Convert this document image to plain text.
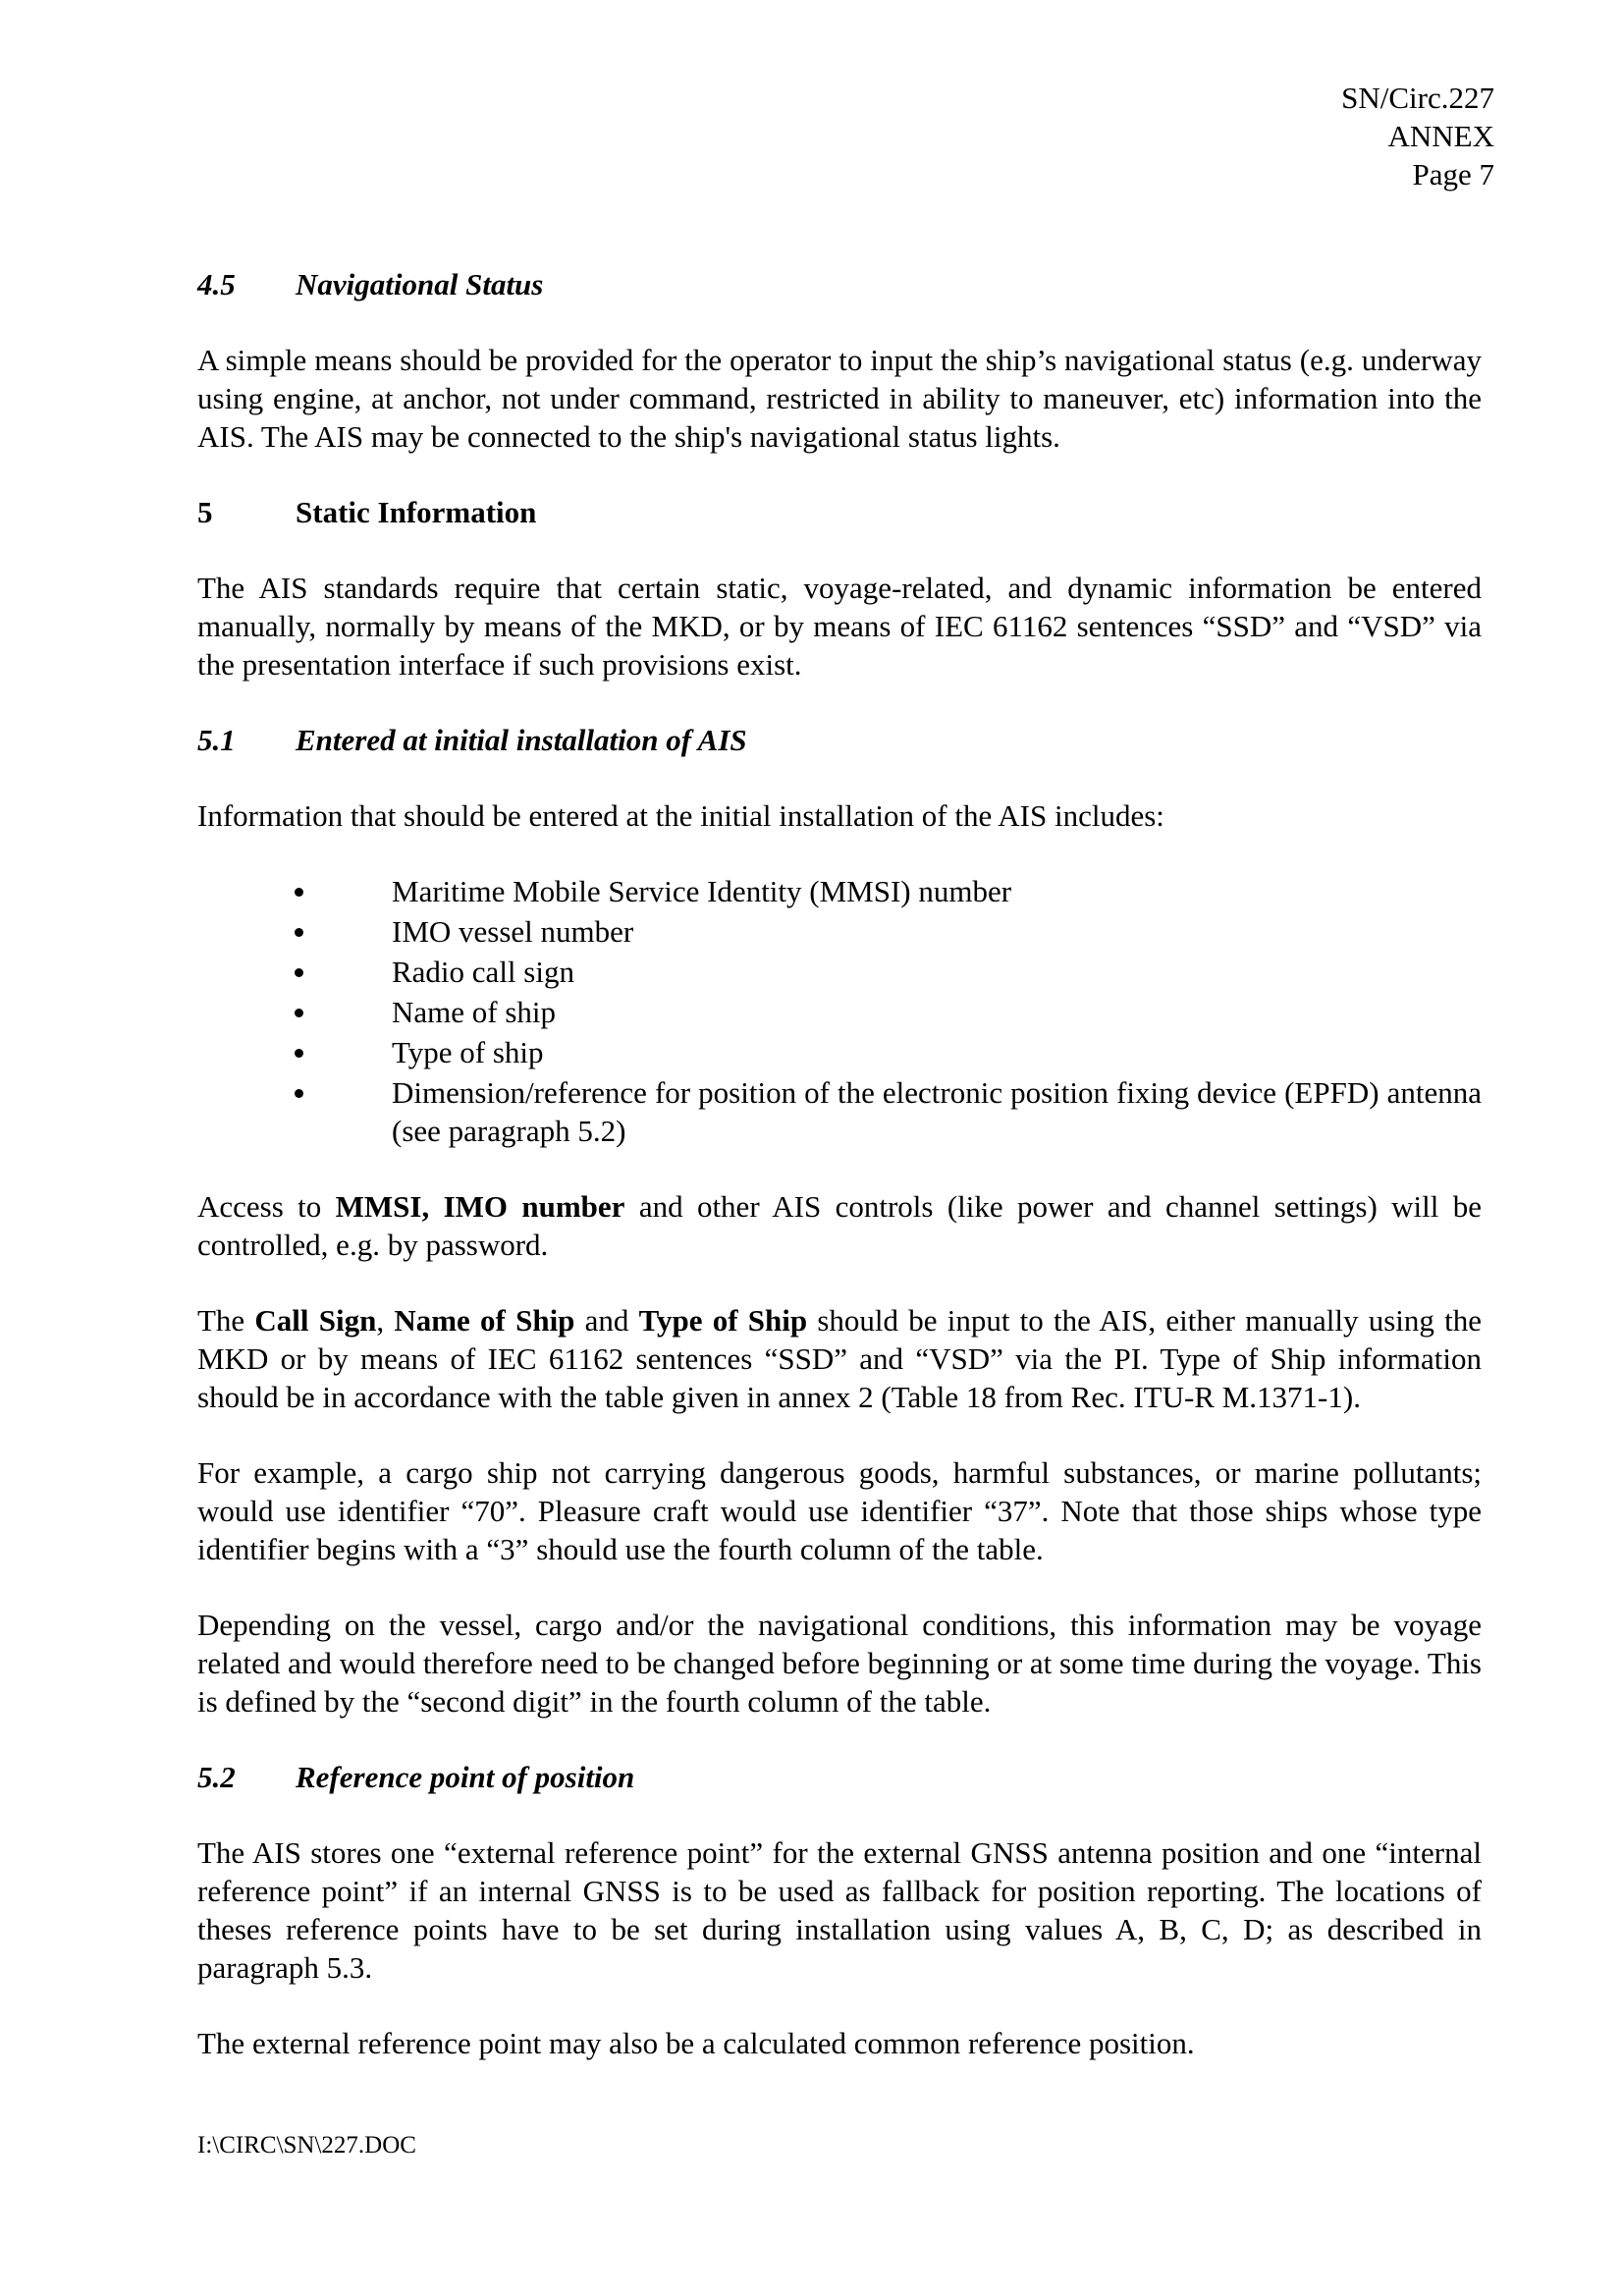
SN/Circ.227
ANNEX
Page 7
4.5	Navigational Status

A simple means should be provided for the operator to input the ship’s navigational status (e.g. underway using engine, at anchor, not under command, restricted in ability to maneuver, etc) information into the AIS. The AIS may be connected to the ship's navigational status lights.

5	Static Information

The AIS standards require that certain static, voyage-related, and dynamic information be entered manually, normally by means of the MKD, or by means of IEC 61162 sentences “SSD” and “VSD” via the presentation interface if such provisions exist.

5.1	Entered at initial installation of AIS

Information that should be entered at the initial installation of the AIS includes:

Maritime Mobile Service Identity (MMSI) number
IMO vessel number
Radio call sign
Name of ship
Type of ship
Dimension/reference for position of the electronic position fixing device (EPFD) antenna (see paragraph 5.2)

Access to MMSI, IMO number and other AIS controls (like power and channel settings) will be controlled, e.g. by password.

The Call Sign, Name of Ship and Type of Ship should be input to the AIS, either manually using the MKD or by means of IEC 61162 sentences “SSD” and “VSD” via the PI. Type of Ship information should be in accordance with the table given in annex 2 (Table 18 from Rec. ITU-R M.1371-1).

For example, a cargo ship not carrying dangerous goods, harmful substances, or marine pollutants; would use identifier “70”. Pleasure craft would use identifier “37”. Note that those ships whose type identifier begins with a “3” should use the fourth column of the table.

Depending on the vessel, cargo and/or the navigational conditions, this information may be voyage related and would therefore need to be changed before beginning or at some time during the voyage. This is defined by the “second digit” in the fourth column of the table.

5.2	Reference point of position

The AIS stores one “external reference point” for the external GNSS antenna position and one “internal reference point” if an internal GNSS is to be used as fallback for position reporting. The locations of theses reference points have to be set during installation using values A, B, C, D; as described in paragraph 5.3.

The external reference point may also be a calculated common reference position.

I:\CIRC\SN\227.DOC
